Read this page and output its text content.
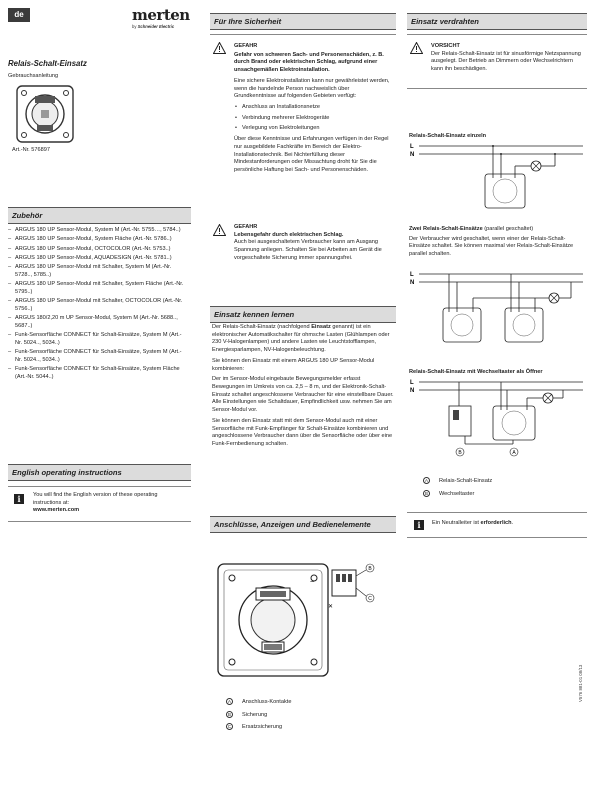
de	merten
by Schneider Electric
Relais-Schalt-Einsatz
Gebrauchsanleitung
Art.-Nr. 576897
Zubehör
– ARGUS 180 UP Sensor-Modul, System M (Art.-Nr. 5755…, 5784..)
– ARGUS 180 UP Sensor-Modul, System Fläche (Art.-Nr. 5786..)
– ARGUS 180 UP Sensor-Modul, OCTOCOLOR (Art.-Nr. 5753..)
– ARGUS 180 UP Sensor-Modul, AQUADESIGN (Art.-Nr. 5781..)
– ARGUS 180 UP Sensor-Modul mit Schalter, System M (Art.-Nr. 5728.., 5785..)
– ARGUS 180 UP Sensor-Modul mit Schalter, System Fläche (Art.-Nr. 5795..)
– ARGUS 180 UP Sensor-Modul mit Schalter, OCTOCOLOR (Art.-Nr. 5756..)
– ARGUS 180/2,20 m UP Sensor-Modul, System M (Art.-Nr. 5688.., 5687..)
– Funk-Sensorfläche CONNECT für Schalt-Einsätze, System M (Art.-Nr. 5024.., 5034..)
– Funk-Sensorfläche CONNECT für Schalt-Einsätze, System M (Art.-Nr. 5024.., 5034..)
– Funk-Sensorfläche CONNECT für Schalt-Einsätze, System Fläche (Art.-Nr. 5044..)
English operating instructions
i	You will find the English version of these operating instructions at:
www.merten.com
Für Ihre Sicherheit
GEFAHR

Gefahr von schweren Sach- und Personenschäden, z. B. durch Brand oder elektrischen Schlag, aufgrund einer unsachgemäßen Elektroinstallation.

Eine sichere Elektroinstallation kann nur gewährleistet werden, wenn die handelnde Person nachweislich über Grundkenntnisse auf folgenden Gebieten verfügt:

• Anschluss an Installationsnetze
• Verbindung mehrerer Elektrogeräte
• Verlegung von Elektroleitungen

Über diese Kenntnisse und Erfahrungen verfügen in der Regel nur ausgebildete Fachkräfte im Bereich der Elektro-Installationstechnik. Bei Nichterfüllung dieser Mindestanforderungen oder Missachtung droht für Sie die persönliche Haftung bei Sach- und Personenschäden.

GEFAHR
Lebensgefahr durch elektrischen Schlag.
Auch bei ausgeschaltetem Verbraucher kann am Ausgang Spannung anliegen. Schalten Sie bei Arbeiten am Gerät die vorgeschaltete Sicherung immer spannungsfrei.
Einsatz kennen lernen

Der Relais-Schalt-Einsatz (nachfolgend Einsatz genannt) ist ein elektronischer Automatikschalter für ohmsche Lasten (Glühlampen oder 230 V-Halogenlampen) und andere Lasten wie Leuchtstofflampen, Energiesparlampen, NV-Halogenbeleuchtung.

Sie können den Einsatz mit einem ARGUS 180 UP Sensor-Modul kombinieren:

Der im Sensor-Modul eingebaute Bewegungsmelder erfasst Bewegungen im Umkreis von ca. 2,5 – 8 m, und der Elektronik-Schalt-Einsatz schaltet angeschlossene Verbraucher für eine einstellbare Dauer. Alle Einstellungen wie Schaltdauer, Empfindlichkeit usw. nehmen Sie am Sensor-Modul vor.

Sie können den Einsatz statt mit dem Sensor-Modul auch mit einer Sensorfläche mit Funk-Empfänger für Schalt-Einsätze kombinieren und angeschlossene Verbraucher dann über die Sensorfläche oder über eine Funk-Fernbedienung schalten.

Anschlüsse, Anzeigen und Bedienelemente
B
C
~
✕
A Anschluss-Kontakte
B Sicherung
C Ersatzsicherung
Einsatz verdrahten
VORSICHT
Der Relais-Schalt-Einsatz ist für sinusförmige Netzspannung ausgelegt. Der Betrieb an Dimmern oder Wechselrichtern kann ihn beschädigen.
Relais-Schalt-Einsatz einzeln
L
N
Zwei Relais-Schalt-Einsätze (parallel geschaltet)
Der Verbraucher wird geschaltet, wenn einer der Relais-Schalt-Einsätze schaltet. Sie können maximal vier Relais-Schalt-Einsätze parallel schalten.
L
N
Relais-Schalt-Einsatz mit Wechseltaster als Öffner
L
N
B	A
A Relais-Schalt-Einsatz
B Wechseltaster
i	Ein Neutralleiter ist erforderlich.
V576 881-01 08/13
